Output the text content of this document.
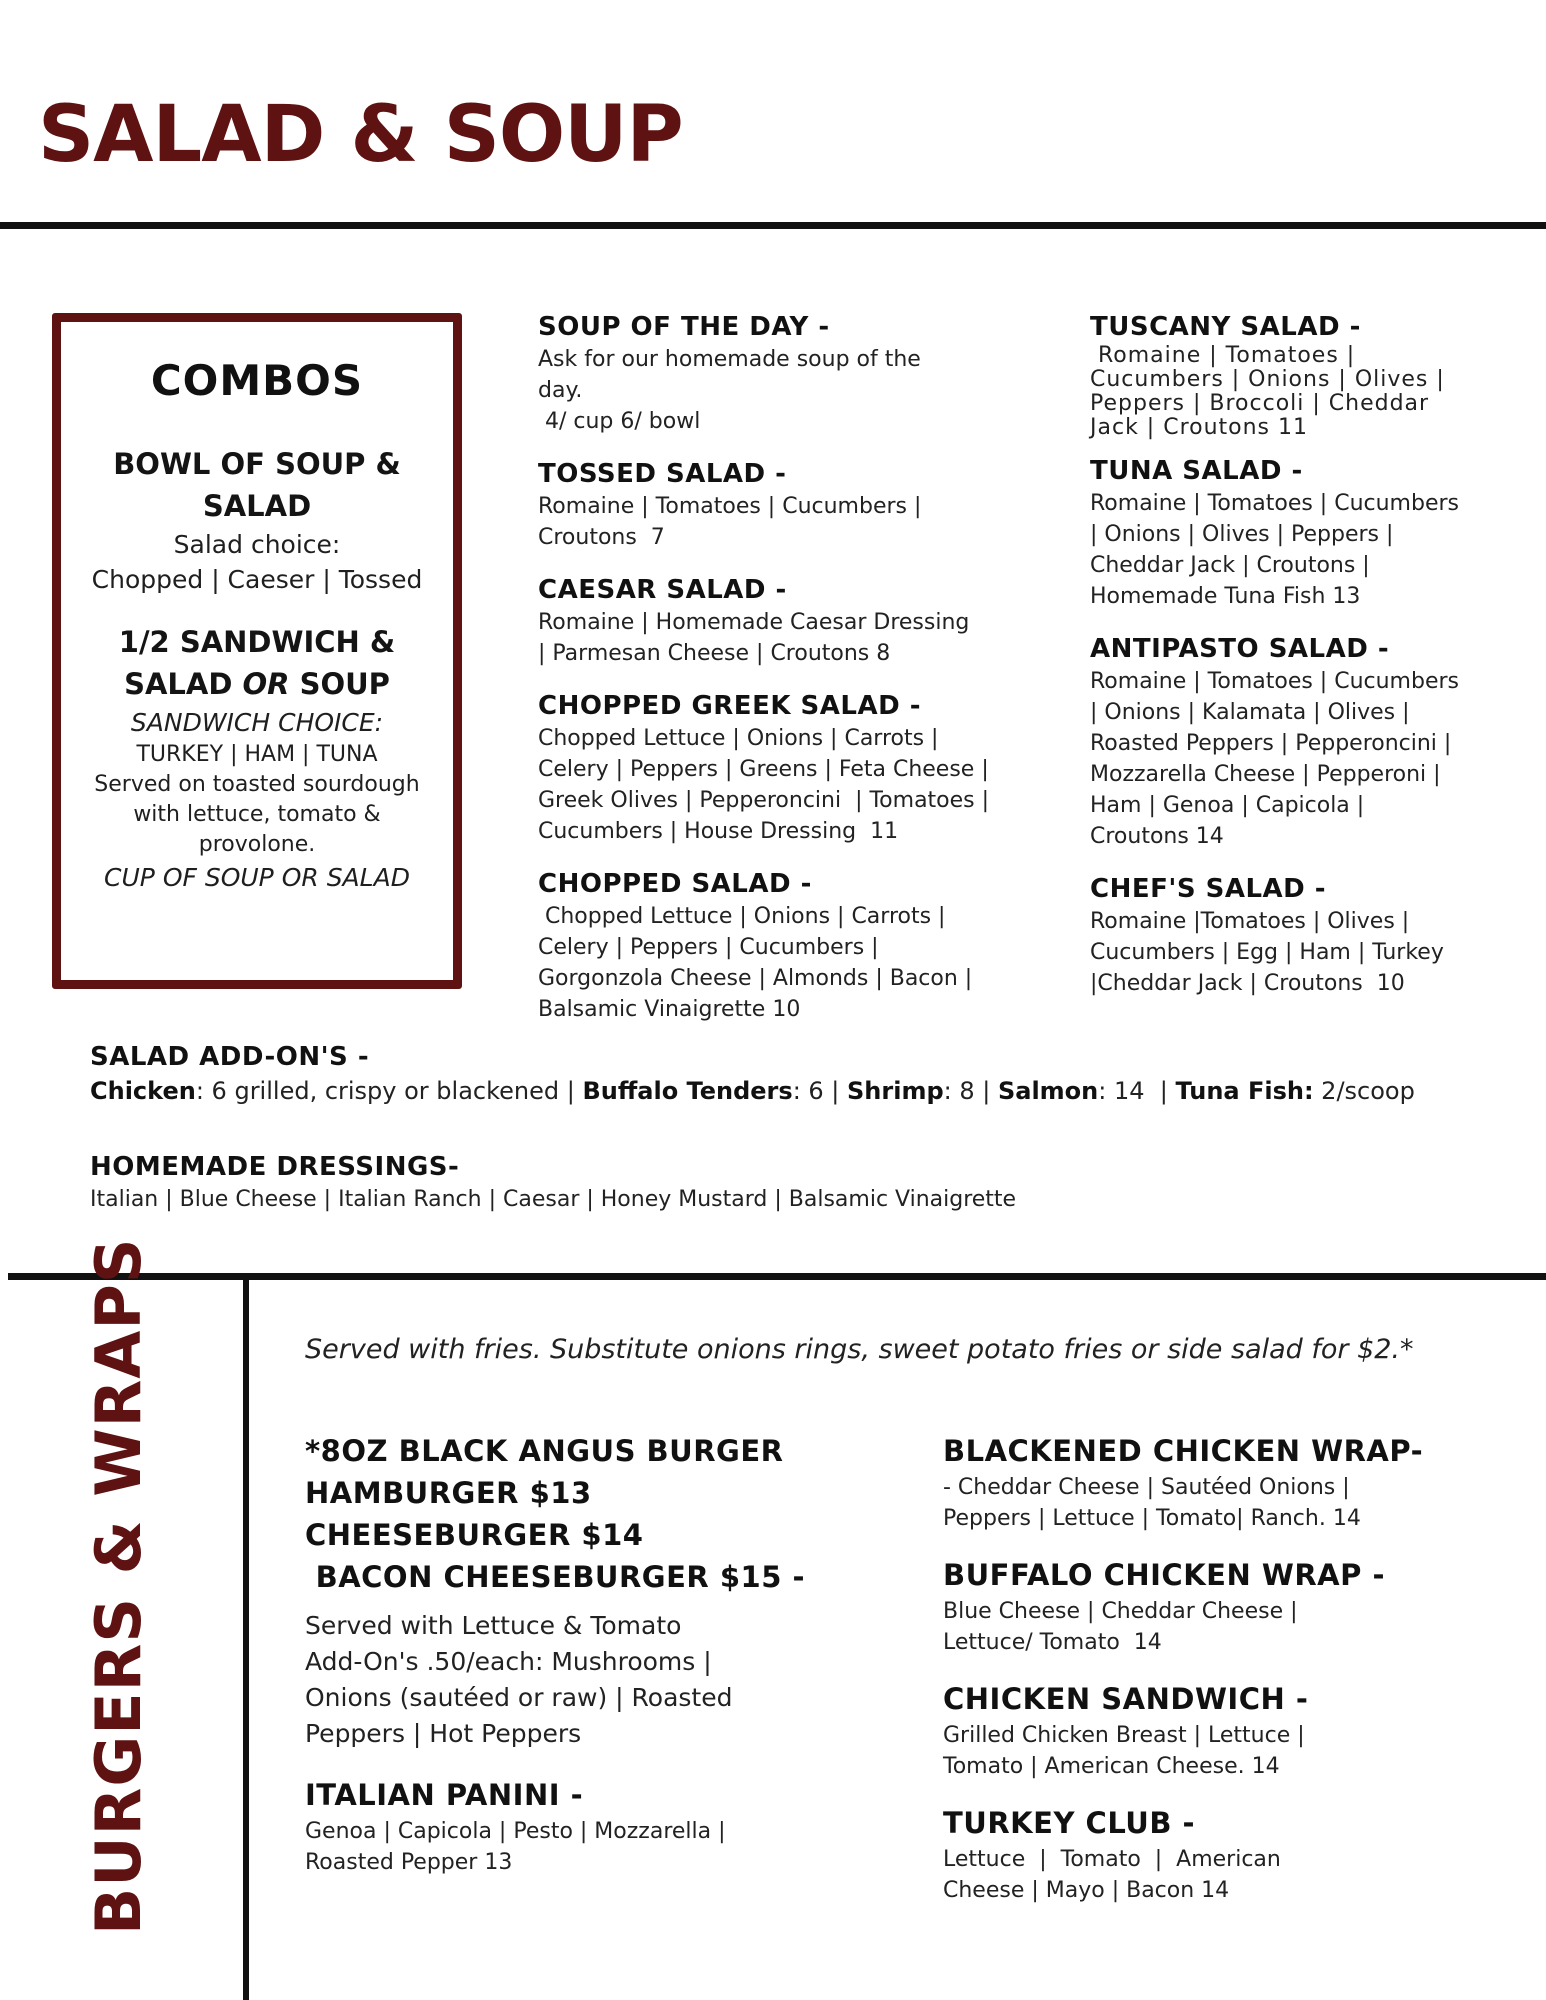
SALAD & SOUP

COMBOS

BOWL OF SOUP &

SALAD

Salad choice:

Chopped | Caeser | Tossed

1/2 SANDWICH &

SALAD OR SOUP

SANDWICH CHOICE:

TURKEY | HAM | TUNA

Served on toasted sourdough

with lettuce, tomato &

provolone.

CUP OF SOUP OR SALAD

SOUP OF THE DAY -

Ask for our homemade soup of the

day.

4/ cup 6/ bowl

TOSSED SALAD -

Romaine | Tomatoes | Cucumbers |

Croutons  7

CAESAR SALAD -

Romaine | Homemade Caesar Dressing

| Parmesan Cheese | Croutons 8

CHOPPED GREEK SALAD -

Chopped Lettuce | Onions | Carrots |

Celery | Peppers | Greens | Feta Cheese |

Greek Olives | Pepperoncini  | Tomatoes |

Cucumbers | House Dressing  11

CHOPPED SALAD -

Chopped Lettuce | Onions | Carrots |

Celery | Peppers | Cucumbers |

Gorgonzola Cheese | Almonds | Bacon |

Balsamic Vinaigrette 10

TUSCANY SALAD -

Romaine | Tomatoes |

Cucumbers | Onions | Olives |

Peppers | Broccoli | Cheddar

Jack | Croutons 11

TUNA SALAD -

Romaine | Tomatoes | Cucumbers

| Onions | Olives | Peppers |

Cheddar Jack | Croutons |

Homemade Tuna Fish 13

ANTIPASTO SALAD -

Romaine | Tomatoes | Cucumbers

| Onions | Kalamata | Olives |

Roasted Peppers | Pepperoncini |

Mozzarella Cheese | Pepperoni |

Ham | Genoa | Capicola |

Croutons 14

CHEF'S SALAD -

Romaine |Tomatoes | Olives |

Cucumbers | Egg | Ham | Turkey

|Cheddar Jack | Croutons  10

SALAD ADD-ON'S -

Chicken: 6 grilled, crispy or blackened | Buffalo Tenders: 6 | Shrimp: 8 | Salmon: 14  | Tuna Fish: 2/scoop

HOMEMADE DRESSINGS-

Italian | Blue Cheese | Italian Ranch | Caesar | Honey Mustard | Balsamic Vinaigrette

BURGERS & WRAPS	Served with fries. Substitute onions rings, sweet potato fries or side salad for $2.*

*8OZ BLACK ANGUS BURGER

HAMBURGER $13

CHEESEBURGER $14

BACON CHEESEBURGER $15 -

Served with Lettuce & Tomato

Add-On's .50/each: Mushrooms |

Onions (sautéed or raw) | Roasted

Peppers | Hot Peppers

ITALIAN PANINI -

Genoa | Capicola | Pesto | Mozzarella |

Roasted Pepper 13

BLACKENED CHICKEN WRAP-

- Cheddar Cheese | Sautéed Onions |

Peppers | Lettuce | Tomato| Ranch. 14

BUFFALO CHICKEN WRAP -

Blue Cheese | Cheddar Cheese |

Lettuce/ Tomato  14

CHICKEN SANDWICH -

Grilled Chicken Breast | Lettuce |

Tomato | American Cheese. 14

TURKEY CLUB -

Lettuce  |  Tomato  |  American

Cheese | Mayo | Bacon 14
